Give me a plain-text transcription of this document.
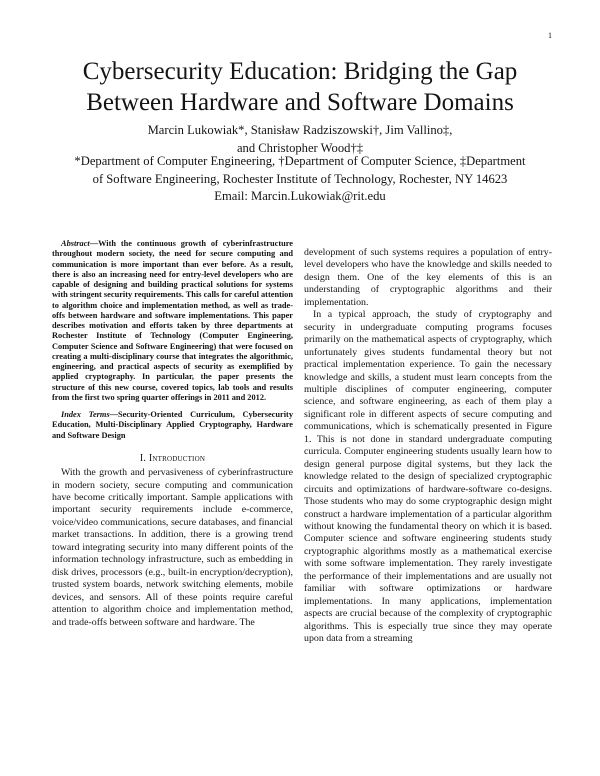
1
Cybersecurity Education: Bridging the Gap Between Hardware and Software Domains
Marcin Lukowiak*, Stanisław Radziszowski†, Jim Vallino‡,
and Christopher Wood†‡
*Department of Computer Engineering, †Department of Computer Science, ‡Department
of Software Engineering, Rochester Institute of Technology, Rochester, NY 14623
Email: Marcin.Lukowiak@rit.edu

Abstract—With the continuous growth of cyberinfrastructure throughout modern society, the need for secure computing and communication is more important than ever before. As a result, there is also an increasing need for entry-level developers who are capable of designing and building practical solutions for systems with stringent security requirements. This calls for careful attention to algorithm choice and implementation method, as well as trade-offs between hardware and software implementations. This paper describes motivation and efforts taken by three departments at Rochester Institute of Technology (Computer Engineering, Computer Science and Software Engineering) that were focused on creating a multi-disciplinary course that integrates the algorithmic, engineering, and practical aspects of security as exemplified by applied cryptography. In particular, the paper presents the structure of this new course, covered topics, lab tools and results from the first two spring quarter offerings in 2011 and 2012.

Index Terms—Security-Oriented Curriculum, Cybersecurity Education, Multi-Disciplinary Applied Cryptography, Hardware and Software Design

I. Introduction

With the growth and pervasiveness of cyberinfrastructure in modern society, secure computing and communication have become critically important. Sample applications with important security requirements include e-commerce, voice/video communications, secure databases, and financial market transactions. In addition, there is a growing trend toward integrating security into many different points of the information technology infrastructure, such as embedding in disk drives, processors (e.g., built-in encryption/decryption), trusted system boards, network switching elements, mobile devices, and sensors. All of these points require careful attention to algorithm choice and implementation method, and trade-offs between software and hardware. The

development of such systems requires a population of entry-level developers who have the knowledge and skills needed to design them. One of the key elements of this is an understanding of cryptographic algorithms and their implementation.

In a typical approach, the study of cryptography and security in undergraduate computing programs focuses primarily on the mathematical aspects of cryptography, which unfortunately gives students fundamental theory but not practical implementation experience. To gain the necessary knowledge and skills, a student must learn concepts from the multiple disciplines of computer engineering, computer science, and software engineering, as each of them play a significant role in different aspects of secure computing and communications, which is schematically presented in Figure 1. This is not done in standard undergraduate computing curricula. Computer engineering students usually learn how to design general purpose digital systems, but they lack the knowledge related to the design of specialized cryptographic circuits and optimizations of hardware-software co-designs. Those students who may do some cryptographic design might construct a hardware implementation of a particular algorithm without knowing the fundamental theory on which it is based. Computer science and software engineering students study cryptographic algorithms mostly as a mathematical exercise with some software implementation. They rarely investigate the performance of their implementations and are usually not familiar with software optimizations or hardware implementations. In many applications, implementation aspects are crucial because of the complexity of cryptographic algorithms. This is especially true since they may operate upon data from a streaming
